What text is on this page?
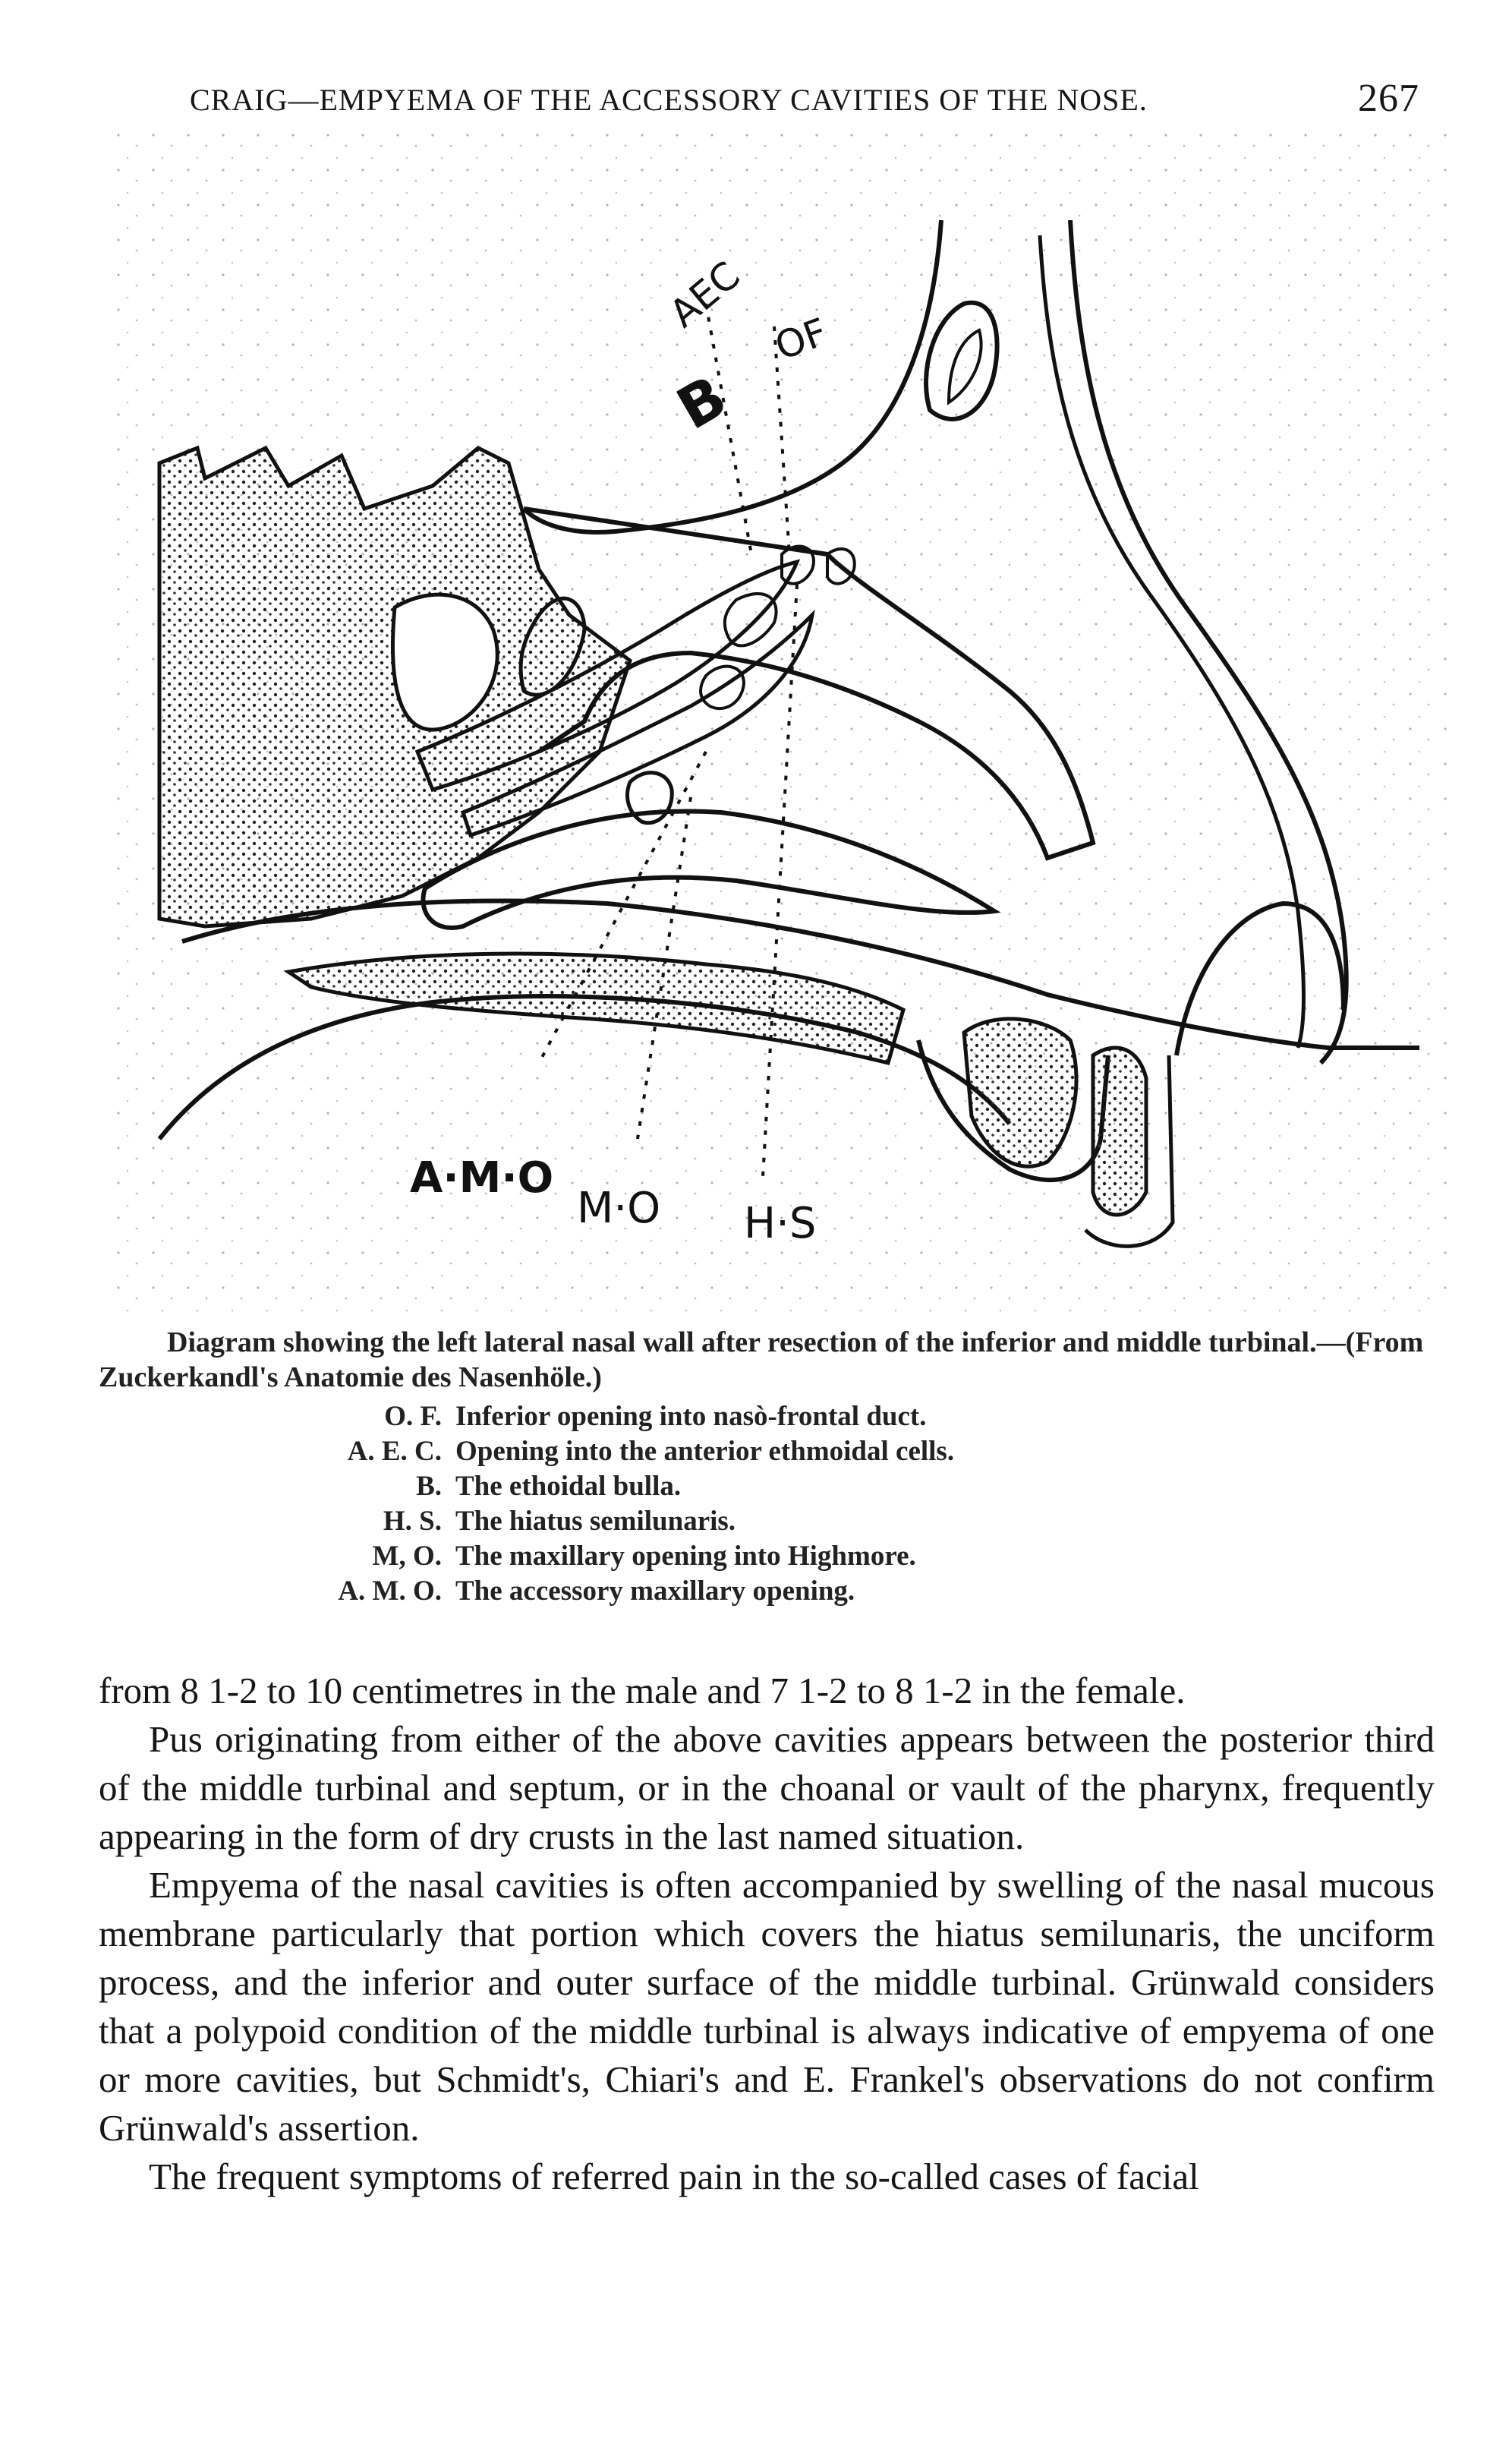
CRAIG—EMPYEMA OF THE ACCESSORY CAVITIES OF THE NOSE.	267
AEC
OF
B
A·M·O
M·O H·S

Diagram showing the left lateral nasal wall after resection of the inferior and middle turbinal.—(From Zuckerkandl's Anatomie des Nasenhöle.)

O. F. Inferior opening into nasò-frontal duct.
A. E. C. Opening into the anterior ethmoidal cells.
B. The ethoidal bulla.
H. S. The hiatus semilunaris.
M, O. The maxillary opening into Highmore.
A. M. O. The accessory maxillary opening.

from 8 1-2 to 10 centimetres in the male and 7 1-2 to 8 1-2 in the female.

Pus originating from either of the above cavities appears between the posterior third of the middle turbinal and septum, or in the choanal or vault of the pharynx, frequently appearing in the form of dry crusts in the last named situation.

Empyema of the nasal cavities is often accompanied by swelling of the nasal mucous membrane particularly that portion which covers the hiatus semilunaris, the unciform process, and the inferior and outer surface of the middle turbinal. Grünwald considers that a polypoid condition of the middle turbinal is always indicative of empyema of one or more cavities, but Schmidt's, Chiari's and E. Frankel's observations do not confirm Grünwald's assertion.

The frequent symptoms of referred pain in the so-called cases of facial
